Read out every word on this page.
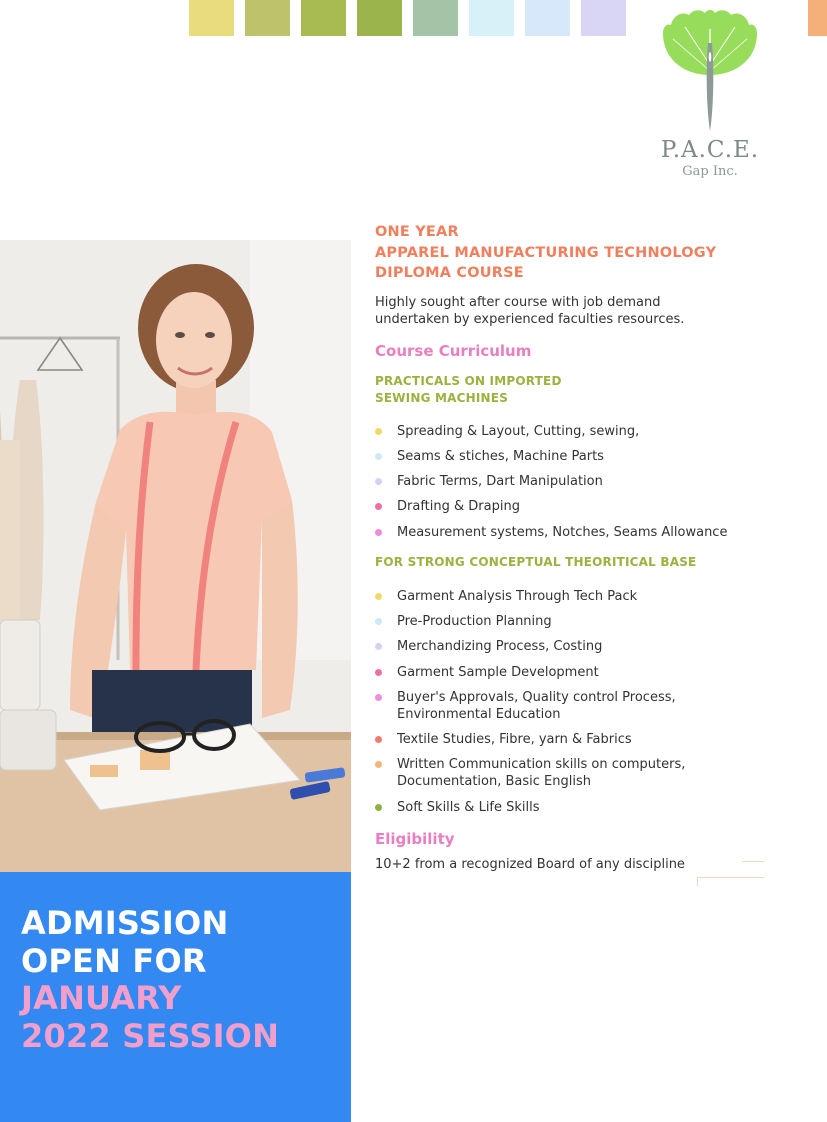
P.A.C.E.
Gap Inc.
ADMISSION
OPEN FOR
JANUARY
2022 SESSION
ONE YEAR
APPAREL MANUFACTURING TECHNOLOGY
DIPLOMA COURSE
Highly sought after course with job demand
undertaken by experienced faculties resources.
Course Curriculum
PRACTICALS ON IMPORTED
SEWING MACHINES
Spreading & Layout, Cutting, sewing,
Seams & stiches, Machine Parts
Fabric Terms, Dart Manipulation
Drafting & Draping
Measurement systems, Notches, Seams Allowance
FOR STRONG CONCEPTUAL THEORITICAL BASE
Garment Analysis Through Tech Pack
Pre-Production Planning
Merchandizing Process, Costing
Garment Sample Development
Buyer's Approvals, Quality control Process,
Environmental Education
Textile Studies, Fibre, yarn & Fabrics
Written Communication skills on computers,
Documentation, Basic English
Soft Skills & Life Skills
Eligibility
10+2 from a recognized Board of any discipline
